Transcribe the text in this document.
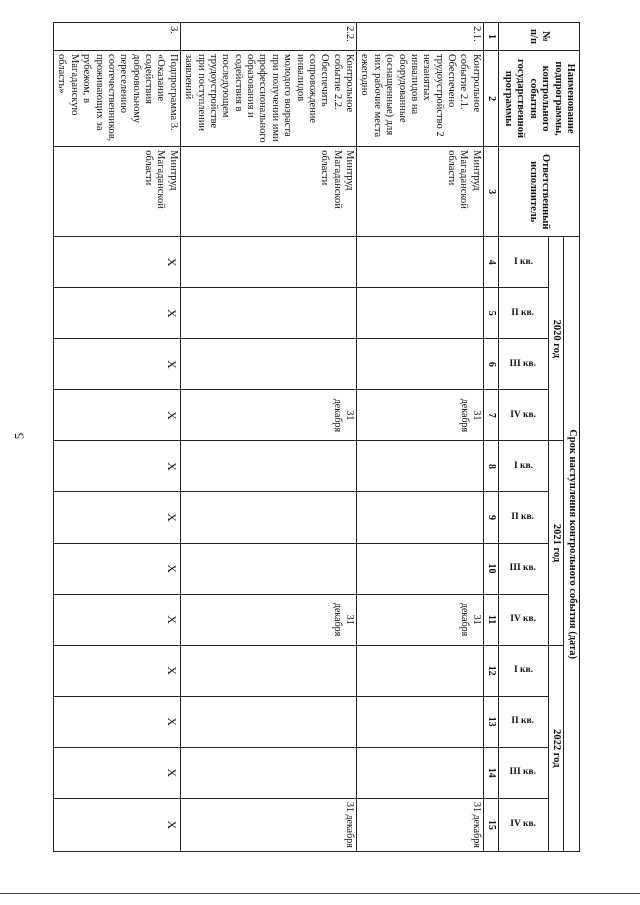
5
№ п/п	Наименование подпрограммы, контрольного события государственной программы	Ответственный исполнитель	Срок наступления контрольного события (дата)											
			2020 год				2021 год				2022 год			

			I кв.	II кв.	III кв.	IV кв.	I кв.	II кв.	III кв.	IV кв.	I кв.	II кв.	III кв.	IV кв.

1	2	3	4	5	6	7	8	9	10	11	12	13	14	15
2.1.	Контрольное событие 2.1. Обеспечено трудоустройство 2 незанятых инвалидов на оборудованные (оснащенные) для них рабочие места ежегодно	Минтруд Магаданской области				31 декабря				31 декабря				31 декабря
2.2.	Контрольное событие 2.2. Обеспечить сопровождение инвалидов молодого возраста при получении ими профессионального образования и содействия в последующем трудоустройстве при поступлении заявлений	Минтруд Магаданской области				31 декабря				31 декабря				31 декабря
3.	Подпрограмма 3. «Оказание содействия добровольному переселению соотечественников, проживающих за рубежом, в Магаданскую область»	Минтруд Магаданской области	Х	Х	Х	Х	Х	Х	Х	Х	Х	Х	Х	Х
